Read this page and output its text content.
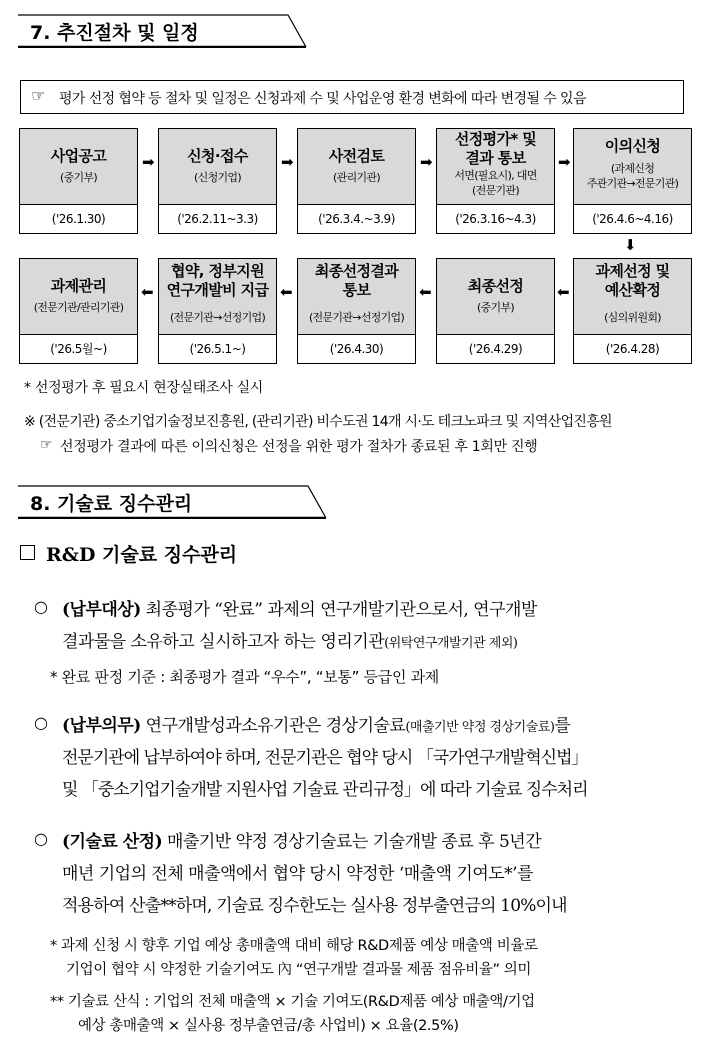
7. 추진절차 및 일정
☞ 평가 선정 협약 등 절차 및 일정은 신청과제 수 및 사업운영 환경 변화에 따라 변경될 수 있음
사업공고
(중기부)
('26.1.30)
➡	신청·접수
(신청기업)
('26.2.11~3.3)
➡	사전검토
(관리기관)
('26.3.4.~3.9)
➡
선정평가* 및
결과 통보
서면(필요시), 대면
(전문기관)
('26.3.16~4.3)
➡
이의신청
(과제신청
주관기관→전문기관)
('26.4.6~4.16)
⬇
과제관리
(전문기관/관리기관)
('26.5월~)
⬅
협약, 정부지원
연구개발비 지급
(전문기관→선정기업)
('26.5.1~)
⬅
최종선정결과
통보
(전문기관→선정기업)
('26.4.30)
⬅	최종선정
(중기부)
('26.4.29)
⬅
과제선정 및
예산확정
(심의위원회)
('26.4.28)
* 선정평가 후 필요시 현장실태조사 실시
※ (전문기관) 중소기업기술정보진흥원, (관리기관) 비수도권 14개 시·도 테크노파크 및 지역산업진흥원
☞ 선정평가 결과에 따른 이의신청은 선정을 위한 평가 절차가 종료된 후 1회만 진행
8. 기술료 징수관리
R&D 기술료 징수관리
○ (납부대상) 최종평가 “완료” 과제의 연구개발기관으로서, 연구개발
결과물을 소유하고 실시하고자 하는 영리기관(위탁연구개발기관 제외)
* 완료 판정 기준 : 최종평가 결과 “우수”, “보통” 등급인 과제
○ (납부의무) 연구개발성과소유기관은 경상기술료(매출기반 약정 경상기술료)를
전문기관에 납부하여야 하며, 전문기관은 협약 당시 「국가연구개발혁신법」
및 「중소기업기술개발 지원사업 기술료 관리규정」에 따라 기술료 징수처리
○ (기술료 산정) 매출기반 약정 경상기술료는 기술개발 종료 후 5년간
매년 기업의 전체 매출액에서 협약 당시 약정한 ‘매출액 기여도*’를
적용하여 산출**하며, 기술료 징수한도는 실사용 정부출연금의 10%이내
* 과제 신청 시 향후 기업 예상 총매출액 대비 해당 R&D제품 예상 매출액 비율로
기업이 협약 시 약정한 기술기여도 內 “연구개발 결과물 제품 점유비율” 의미
** 기술료 산식 : 기업의 전체 매출액 × 기술 기여도(R&D제품 예상 매출액/기업
예상 총매출액 × 실사용 정부출연금/총 사업비) × 요율(2.5%)
